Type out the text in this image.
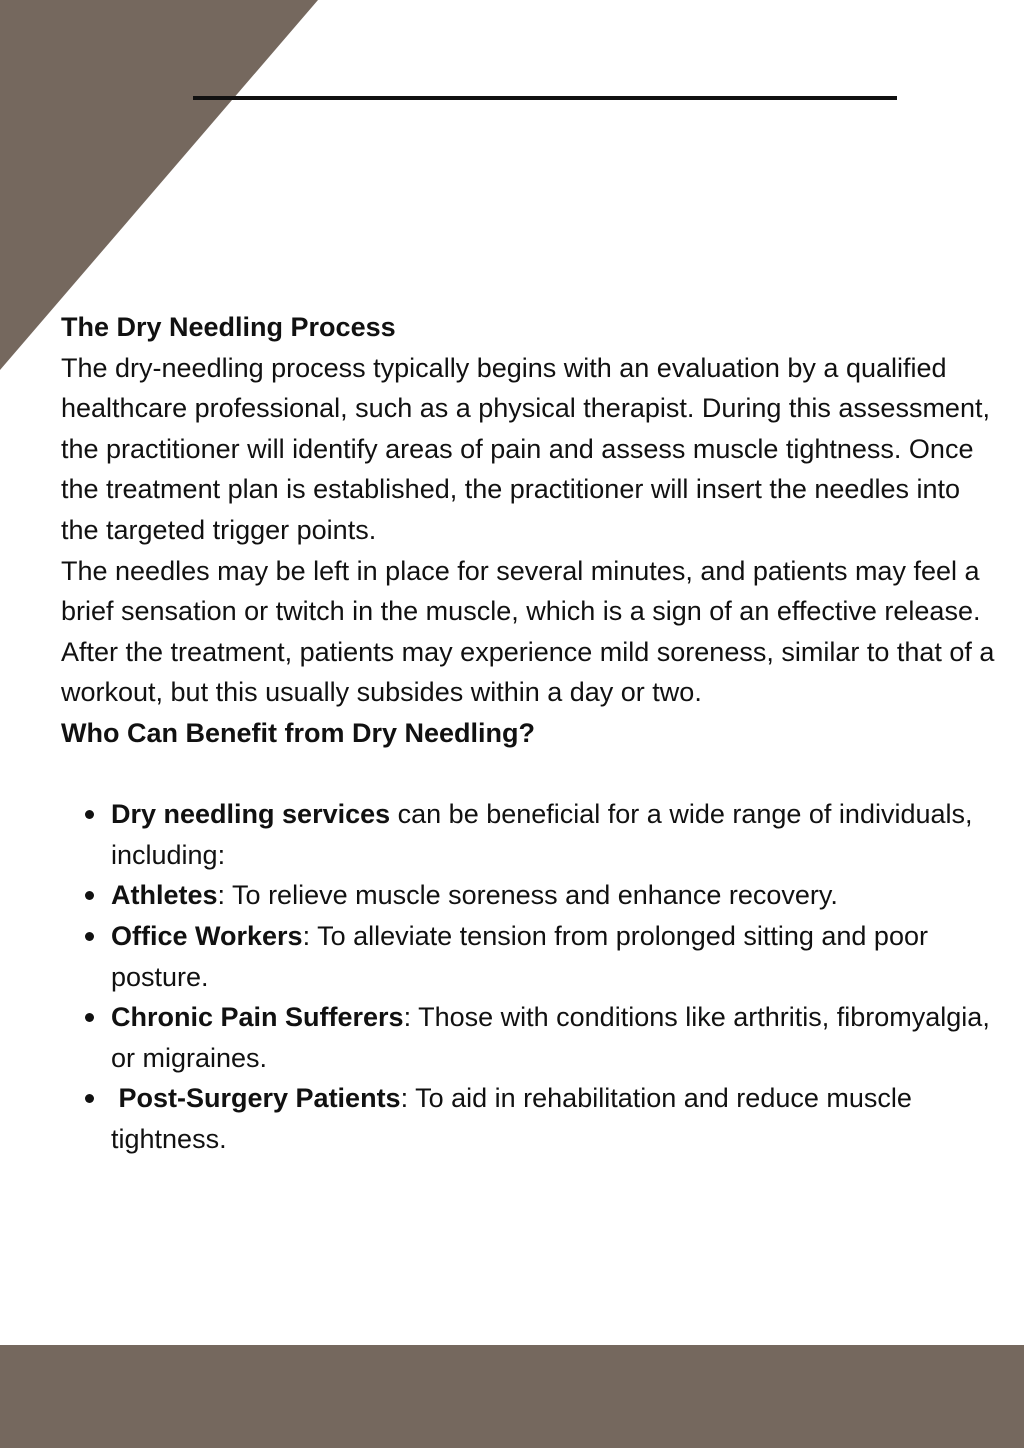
The Dry Needling Process

The dry-needling process typically begins with an evaluation by a qualified healthcare professional, such as a physical therapist. During this assessment, the practitioner will identify areas of pain and assess muscle tightness. Once the treatment plan is established, the practitioner will insert the needles into the targeted trigger points.

The needles may be left in place for several minutes, and patients may feel a brief sensation or twitch in the muscle, which is a sign of an effective release. After the treatment, patients may experience mild soreness, similar to that of a workout, but this usually subsides within a day or two.

Who Can Benefit from Dry Needling?

Dry needling services can be beneficial for a wide range of individuals, including:
Athletes: To relieve muscle soreness and enhance recovery.
Office Workers: To alleviate tension from prolonged sitting and poor posture.
Chronic Pain Sufferers: Those with conditions like arthritis, fibromyalgia, or migraines.
Post-Surgery Patients: To aid in rehabilitation and reduce muscle tightness.
